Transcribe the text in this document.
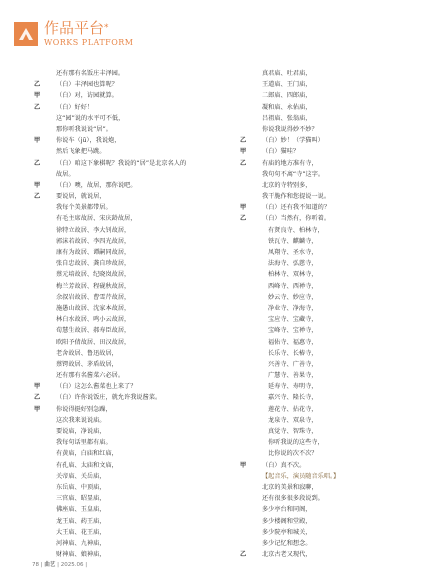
作品平台*
WORKS PLATFORM
还有那有名饭庄丰泽园。
乙	（白）丰泽园也算呢？
甲	（白）对，访园就算。
乙	（白）好好！
这“园”说的水平可不低，
那你听我说说“居”。
甲	你说车（jū），我说炮，
然后飞象把马跳。
乙	（白）咱这下象棋呢？我说的“居”是北京名人的
故居。
甲	（白）噢，故居，那你说吧。
乙	要说居，就说居，
我每个美景都带居。
有毛主席故居、宋庆龄故居，
徐特立故居、李大钊故居，
郭沫若故居、李四光故居，
康有为故居、谭嗣同故居，
张自忠故居、龚自珍故居，
蔡元培故居、纪晓岚故居，
梅兰芳故居、程砚秋故居，
余叔岩故居、曹雪芹故居，
施愚山故居、沈家本故居，
林白水故居、鸣小云故居，
荀慧生故居、郝寿臣故居，
欧阳予倩故居、田汉故居，
老舍故居、鲁迅故居，
蔡锷故居、茅盾故居，
还有那有名酱菜六必居。
甲	（白）这怎么酱菜也上来了？
乙	（白）许你说饭庄，就允许我说酱菜。
甲	你说得挺好别急躁，
这次我来说说庙。
要说庙，净说庙，
我每句话里都有庙。
有黄庙，白庙和红庙，
有孔庙、太庙和文庙，
关帝庙、关岳庙，
东岳庙、中顶庙，
三官庙、昭显庙，
佛座庙、玉皇庙，
龙王庙、药王庙，
大王庙、花王庙，
河神庙、九神庙，
财神庙、娘神庙，
真君庙、吐君庙，
王道庙、王门庙，
二郎庙、四郎庙，
凝和庙、永佑庙，
吕祖庙、张翁庙，
你说我说得妙不妙？
乙	（白）妙！（学猫叫）
甲	（白）猫哇？
乙	有庙的地方准有寺，
我句句不离“寺”这字。
北京的寺特别多，
我干脆作和您提说一说。
甲	（白）还有我不知道的？
乙	（白）当然有，你听着。
有贤良寺、柏林寺，
铁瓦寺、麒麟寺，
凤翔寺、圣水寺，
法海寺、弘慈寺，
柏林寺、双林寺，
西峰寺、西禅寺，
妙云寺、妙应寺，
净业寺、净海寺，
宝应寺、宝藏寺，
宝峰寺、宝禅寺，
福佑寺、福惠寺，
长乐寺、长椿寺，
兴善寺、广善寺，
广慧寺、善果寺，
延寿寺、寿明寺，
嘉兴寺、隆长寺，
莲花寺、拈花寺，
龙泉寺、双泉寺，
真觉寺、智珠寺，
你听我说的这些寺，
比你说的次不次？
甲	（白）真不次。
【起音乐，演员随音乐唱。】
北京的美景和寂聊，
还有很多很多段说到。
多少亭台和同阁，
多少楼阁和堂殿，
多少院亭和城关，
多少记忆和想念。
乙	北京古老又现代，
78 | 曲艺 | 2025.06 |
